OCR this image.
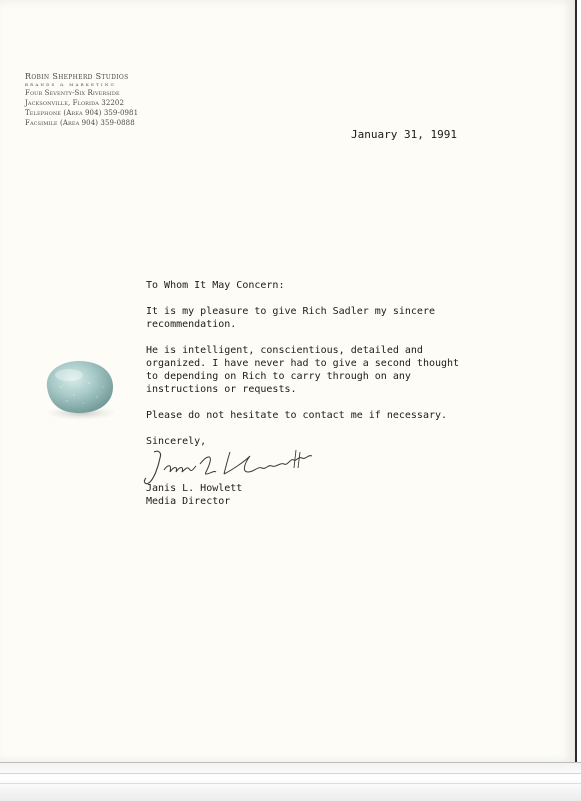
Robin Shepherd Studios
BRANDS & MARKETING
Four Seventy-Six Riverside
Jacksonville, Florida 32202
Telephone (Area 904) 359-0981
Facsimile (Area 904) 359-0888
January 31, 1991

To Whom It May Concern:

It is my pleasure to give Rich Sadler my sincere
recommendation.

He is intelligent, conscientious, detailed and
organized. I have never had to give a second thought
to depending on Rich to carry through on any
instructions or requests.

Please do not hesitate to contact me if necessary.

Sincerely,

Janis L. Howlett
Media Director
